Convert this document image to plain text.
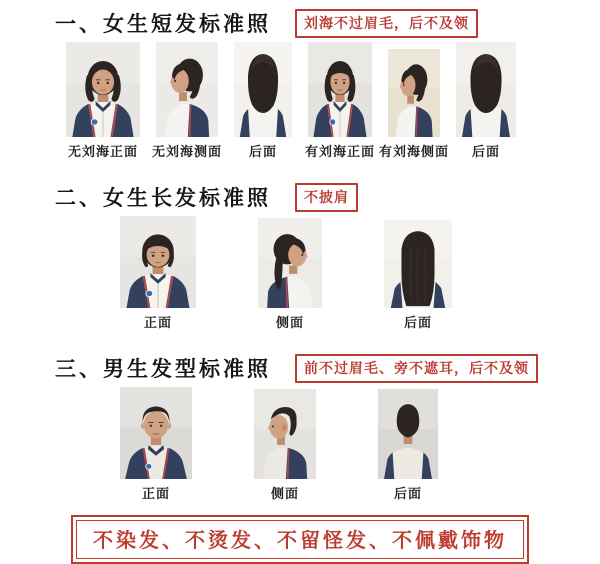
一、女生短发标准照	刘海不过眉毛，后不及领
无刘海正面 无刘海测面 后面 有刘海正面 有刘海侧面 后面
二、女生长发标准照	不披肩
正面	侧面	后面
三、男生发型标准照	前不过眉毛、旁不遮耳，后不及领
正面	侧面	后面
不染发、不烫发、不留怪发、不佩戴饰物
